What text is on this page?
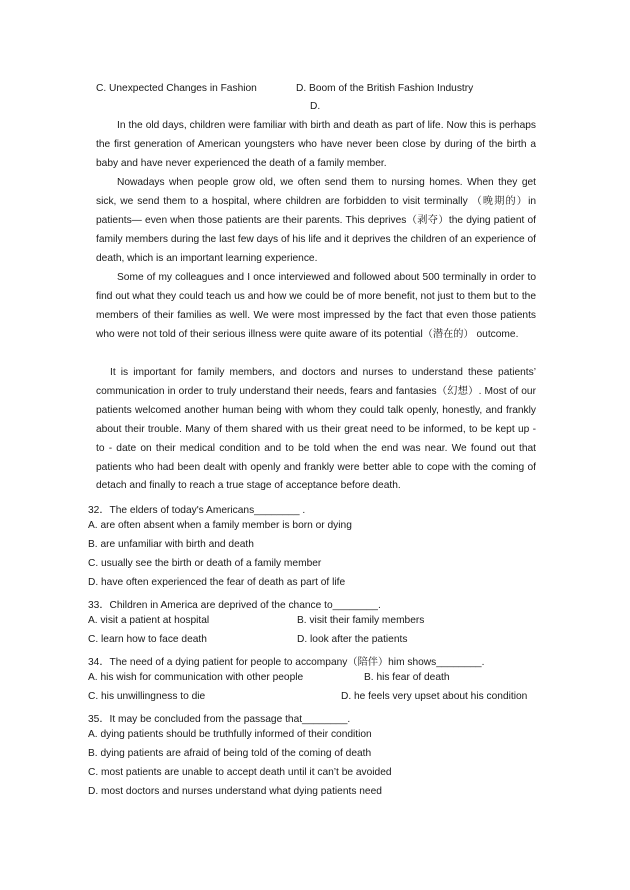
C. Unexpected Changes in Fashion	D. Boom of the British Fashion Industry
D.

In the old days, children were familiar with birth and death as part of life. Now this is perhaps the first generation of American youngsters who have never been close by during of the birth a baby and have never experienced the death of a family member.

Nowadays when people grow old, we often send them to nursing homes. When they get sick, we send them to a hospital, where children are forbidden to visit terminally （晚期的）in patients— even when those patients are their parents. This deprives（剥夺）the dying patient of family members during the last few days of his life and it deprives the children of an experience of death, which is an important learning experience.

Some of my colleagues and I once interviewed and followed about 500 terminally in order to find out what they could teach us and how we could be of more benefit, not just to them but to the members of their families as well. We were most impressed by the fact that even those patients who were not told of their serious illness were quite aware of its potential（潜在的） outcome.

It is important for family members, and doctors and nurses to understand these patients’ communication in order to truly understand their needs, fears and fantasies（幻想）. Most of our patients welcomed another human being with whom they could talk openly, honestly, and frankly about their trouble. Many of them shared with us their great need to be informed, to be kept up - to - date on their medical condition and to be told when the end was near. We found out that patients who had been dealt with openly and frankly were better able to cope with the coming of detach and finally to reach a true stage of acceptance before death.

32．The elders of today's Americans________ .
A. are often absent when a family member is born or dying
B. are unfamiliar with birth and death
C. usually see the birth or death of a family member
D. have often experienced the fear of death as part of life
33．Children in America are deprived of the chance to________.
A. visit a patient at hospital	B. visit their family members
C. learn how to face death	D. look after the patients
34．The need of a dying patient for people to accompany（陪伴）him shows________.
A. his wish for communication with other people	B. his fear of death
C. his unwillingness to die	D. he feels very upset about his condition
35．It may be concluded from the passage that________.
A. dying patients should be truthfully informed of their condition
B. dying patients are afraid of being told of the coming of death
C. most patients are unable to accept death until it can’t be avoided
D. most doctors and nurses understand what dying patients need
